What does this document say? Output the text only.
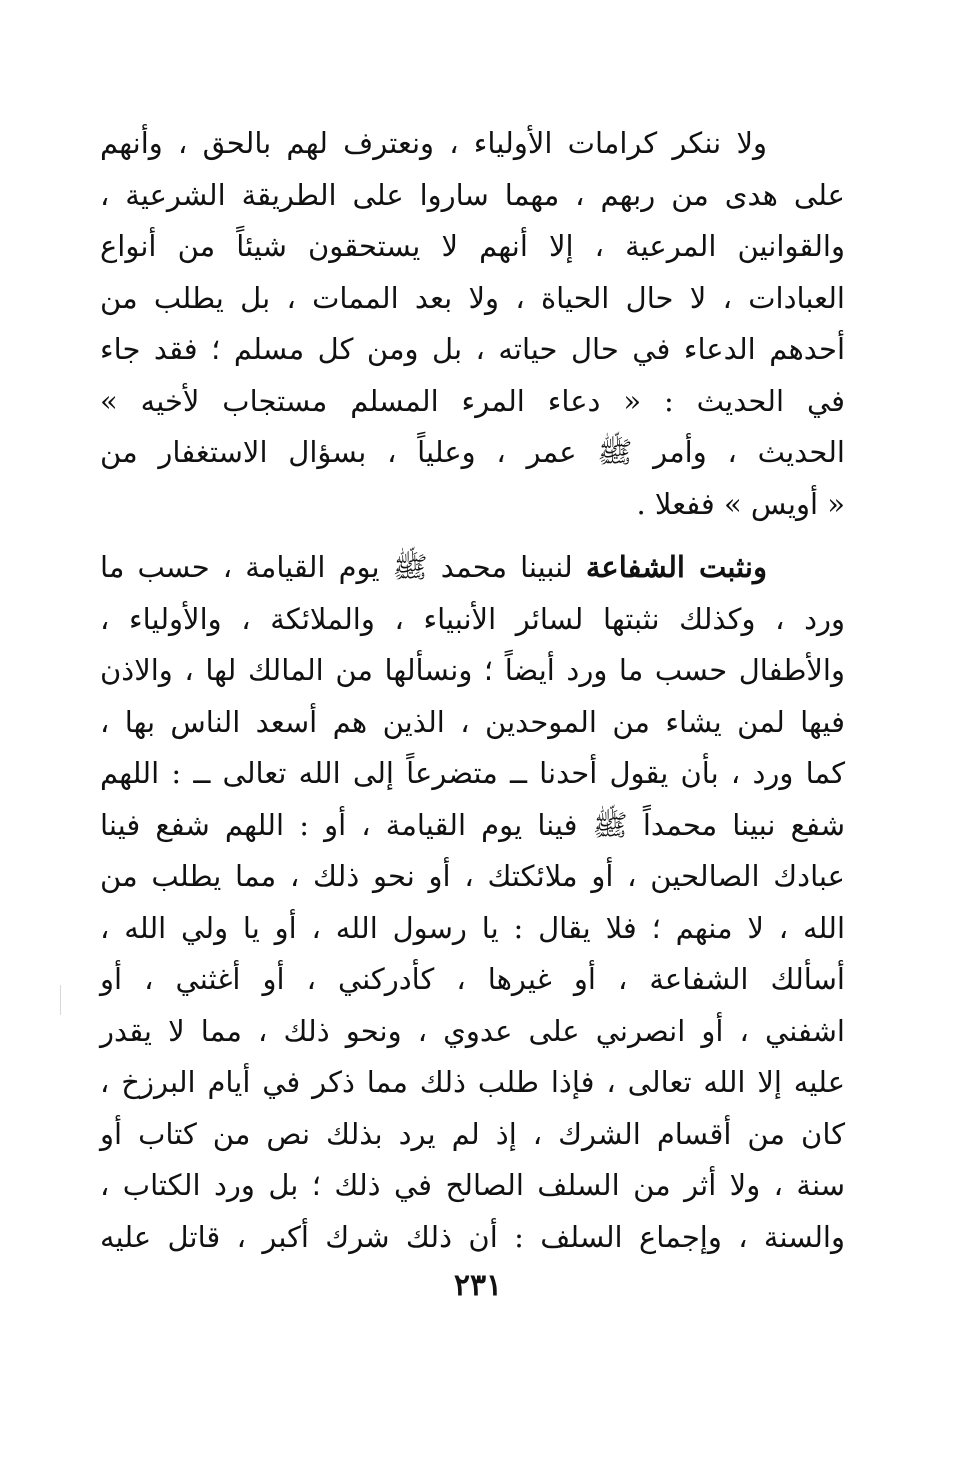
ولا ننكر كرامات الأولياء ، ونعترف لهم بالحق ، وأنهم
على هدى من ربهم ، مهما ساروا على الطريقة الشرعية ،
والقوانين المرعية ، إلا أنهم لا يستحقون شيئاً من أنواع
العبادات ، لا حال الحياة ، ولا بعد الممات ، بل يطلب من
أحدهم الدعاء في حال حياته ، بل ومن كل مسلم ؛ فقد جاء
في الحديث : « دعاء المرء المسلم مستجاب لأخيه »
الحديث ، وأمر ﷺ عمر ، وعلياً ، بسؤال الاستغفار من
« أويس » ففعلا .
ونثبت الشفاعة لنبينا محمد ﷺ يوم القيامة ، حسب ما
ورد ، وكذلك نثبتها لسائر الأنبياء ، والملائكة ، والأولياء ،
والأطفال حسب ما ورد أيضاً ؛ ونسألها من المالك لها ، والاذن
فيها لمن يشاء من الموحدين ، الذين هم أسعد الناس بها ،
كما ورد ، بأن يقول أحدنا ــ متضرعاً إلى الله تعالى ــ : اللهم
شفع نبينا محمداً ﷺ فينا يوم القيامة ، أو : اللهم شفع فينا
عبادك الصالحين ، أو ملائكتك ، أو نحو ذلك ، مما يطلب من
الله ، لا منهم ؛ فلا يقال : يا رسول الله ، أو يا ولي الله ،
أسألك الشفاعة ، أو غيرها ، كأدركني ، أو أغثني ، أو
اشفني ، أو انصرني على عدوي ، ونحو ذلك ، مما لا يقدر
عليه إلا الله تعالى ، فإذا طلب ذلك مما ذكر في أيام البرزخ ،
كان من أقسام الشرك ، إذ لم يرد بذلك نص من كتاب أو
سنة ، ولا أثر من السلف الصالح في ذلك ؛ بل ورد الكتاب ،
والسنة ، وإجماع السلف : أن ذلك شرك أكبر ، قاتل عليه
٢٣١
